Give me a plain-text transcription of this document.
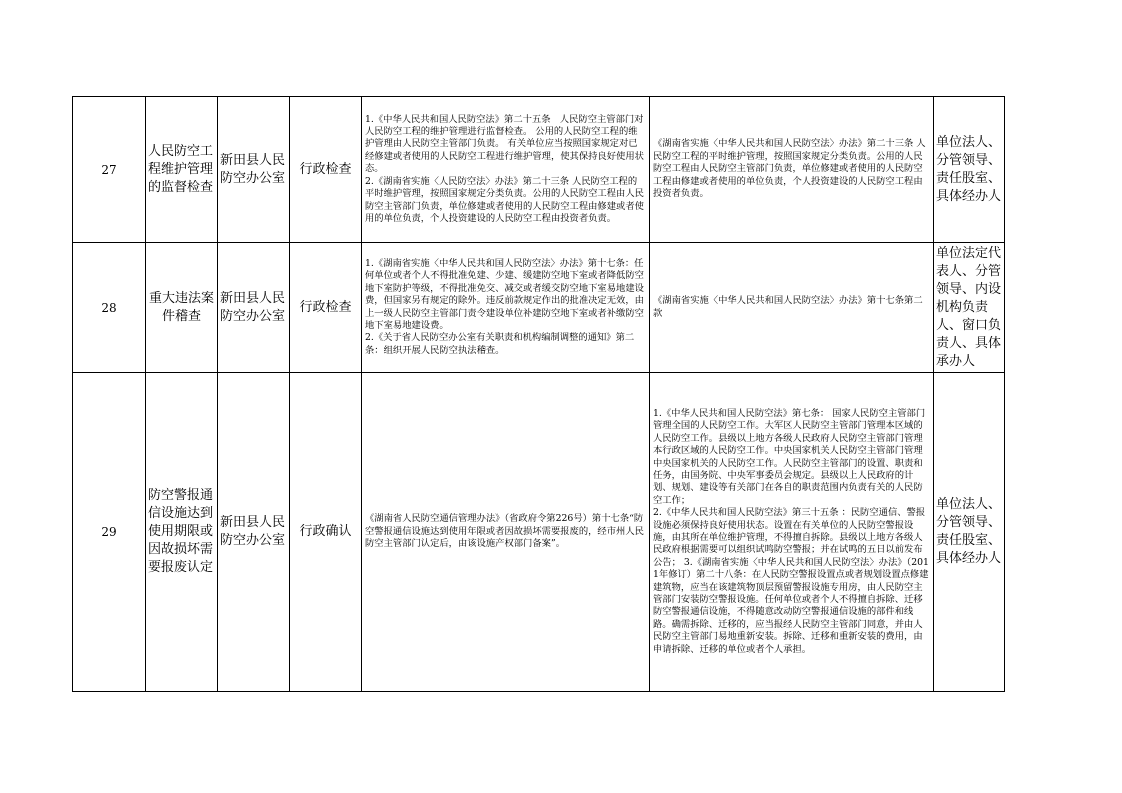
27	人民防空工程维护管理的监督检查	新田县人民防空办公室	行政检查	1.《中华人民共和国人民防空法》第二十五条　人民防空主管部门对人民防空工程的维护管理进行监督检查。 公用的人民防空工程的维护管理由人民防空主管部门负责。 有关单位应当按照国家规定对已经修建或者使用的人民防空工程进行维护管理，使其保持良好使用状态。
2.《湖南省实施〈人民防空法〉办法》第二十三条 人民防空工程的平时维护管理，按照国家规定分类负责。公用的人民防空工程由人民防空主管部门负责，单位修建或者使用的人民防空工程由修建或者使用的单位负责，个人投资建设的人民防空工程由投资者负责。	《湖南省实施〈中华人民共和国人民防空法〉办法》第二十三条 人民防空工程的平时维护管理，按照国家规定分类负责。公用的人民防空工程由人民防空主管部门负责，单位修建或者使用的人民防空工程由修建或者使用的单位负责，个人投资建设的人民防空工程由投资者负责。	单位法人、分管领导、责任股室、具体经办人
28	重大违法案件稽查	新田县人民防空办公室	行政检查	1.《湖南省实施〈中华人民共和国人民防空法〉办法》第十七条：任何单位或者个人不得批准免建、少建、缓建防空地下室或者降低防空地下室防护等级，不得批准免交、减交或者缓交防空地下室易地建设费，但国家另有规定的除外。违反前款规定作出的批准决定无效，由上一级人民防空主管部门责令建设单位补建防空地下室或者补缴防空地下室易地建设费。
2.《关于省人民防空办公室有关职责和机构编制调整的通知》第二条：组织开展人民防空执法稽查。	《湖南省实施〈中华人民共和国人民防空法〉办法》第十七条第二款	单位法定代表人、分管领导、内设机构负责人、窗口负责人、具体承办人
29	防空警报通信设施达到使用期限或因故损坏需要报废认定	新田县人民防空办公室	行政确认	《湖南省人民防空通信管理办法》（省政府令第226号）第十七条“防空警报通信设施达到使用年限或者因故损坏需要报废的，经市州人民防空主管部门认定后，由该设施产权部门备案”。	1.《中华人民共和国人民防空法》第七条： 国家人民防空主管部门管理全国的人民防空工作。大军区人民防空主管部门管理本区域的人民防空工作。县级以上地方各级人民政府人民防空主管部门管理本行政区域的人民防空工作。中央国家机关人民防空主管部门管理中央国家机关的人民防空工作。人民防空主管部门的设置、职责和任务，由国务院、中央军事委员会规定。县级以上人民政府的计划、规划、建设等有关部门在各自的职责范围内负责有关的人民防空工作；
2.《中华人民共和国人民防空法》第三十五条 ：民防空通信、警报设施必须保持良好使用状态。设置在有关单位的人民防空警报设施，由其所在单位维护管理，不得擅自拆除。县级以上地方各级人民政府根据需要可以组织试鸣防空警报；并在试鸣的五日以前发布公告； 3.《湖南省实施〈中华人民共和国人民防空法〉办法》（2011年修订）第二十八条：在人民防空警报设置点或者规划设置点修建建筑物，应当在该建筑物顶层预留警报设施专用房，由人民防空主管部门安装防空警报设施。任何单位或者个人不得擅自拆除、迁移防空警报通信设施，不得随意改动防空警报通信设施的部件和线路。确需拆除、迁移的，应当报经人民防空主管部门同意，并由人民防空主管部门易地重新安装。拆除、迁移和重新安装的费用，由申请拆除、迁移的单位或者个人承担。	单位法人、分管领导、责任股室、具体经办人
